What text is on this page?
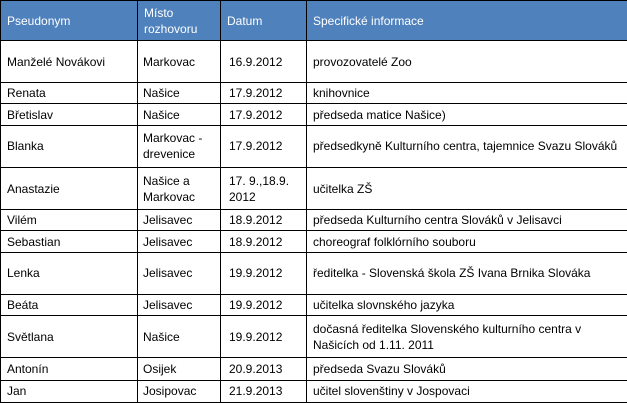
Pseudonym	Místo rozhovoru	Datum	Specifické informace
Manželé Novákovi	Markovac	16.9.2012	provozovatelé Zoo
Renata	Našice	17.9.2012	knihovnice
Břetislav	Našice	17.9.2012	předseda matice Našice)
Blanka	Markovac -drevenice	17.9.2012	předsedkyně Kulturního centra, tajemnice Svazu Slováků
Anastazie	Našice a Markovac	17. 9.,18.9. 2012	učitelka ZŠ
Vilém	Jelisavec	18.9.2012	předseda Kulturního centra Slováků v Jelisavci
Sebastian	Jelisavec	18.9.2012	choreograf folklórního souboru
Lenka	Jelisavec	19.9.2012	ředitelka - Slovenská škola ZŠ Ivana Brnika Slováka
Beáta	Jelisavec	19.9.2012	učitelka slovnského jazyka
Světlana	Našice	19.9.2012	dočasná ředitelka Slovenského kulturního centra v Našicích od 1.11. 2011
Antonín	Osijek	20.9.2013	předseda Svazu Slováků
Jan	Josipovac	21.9.2013	učitel slovenštiny v Jospovaci
